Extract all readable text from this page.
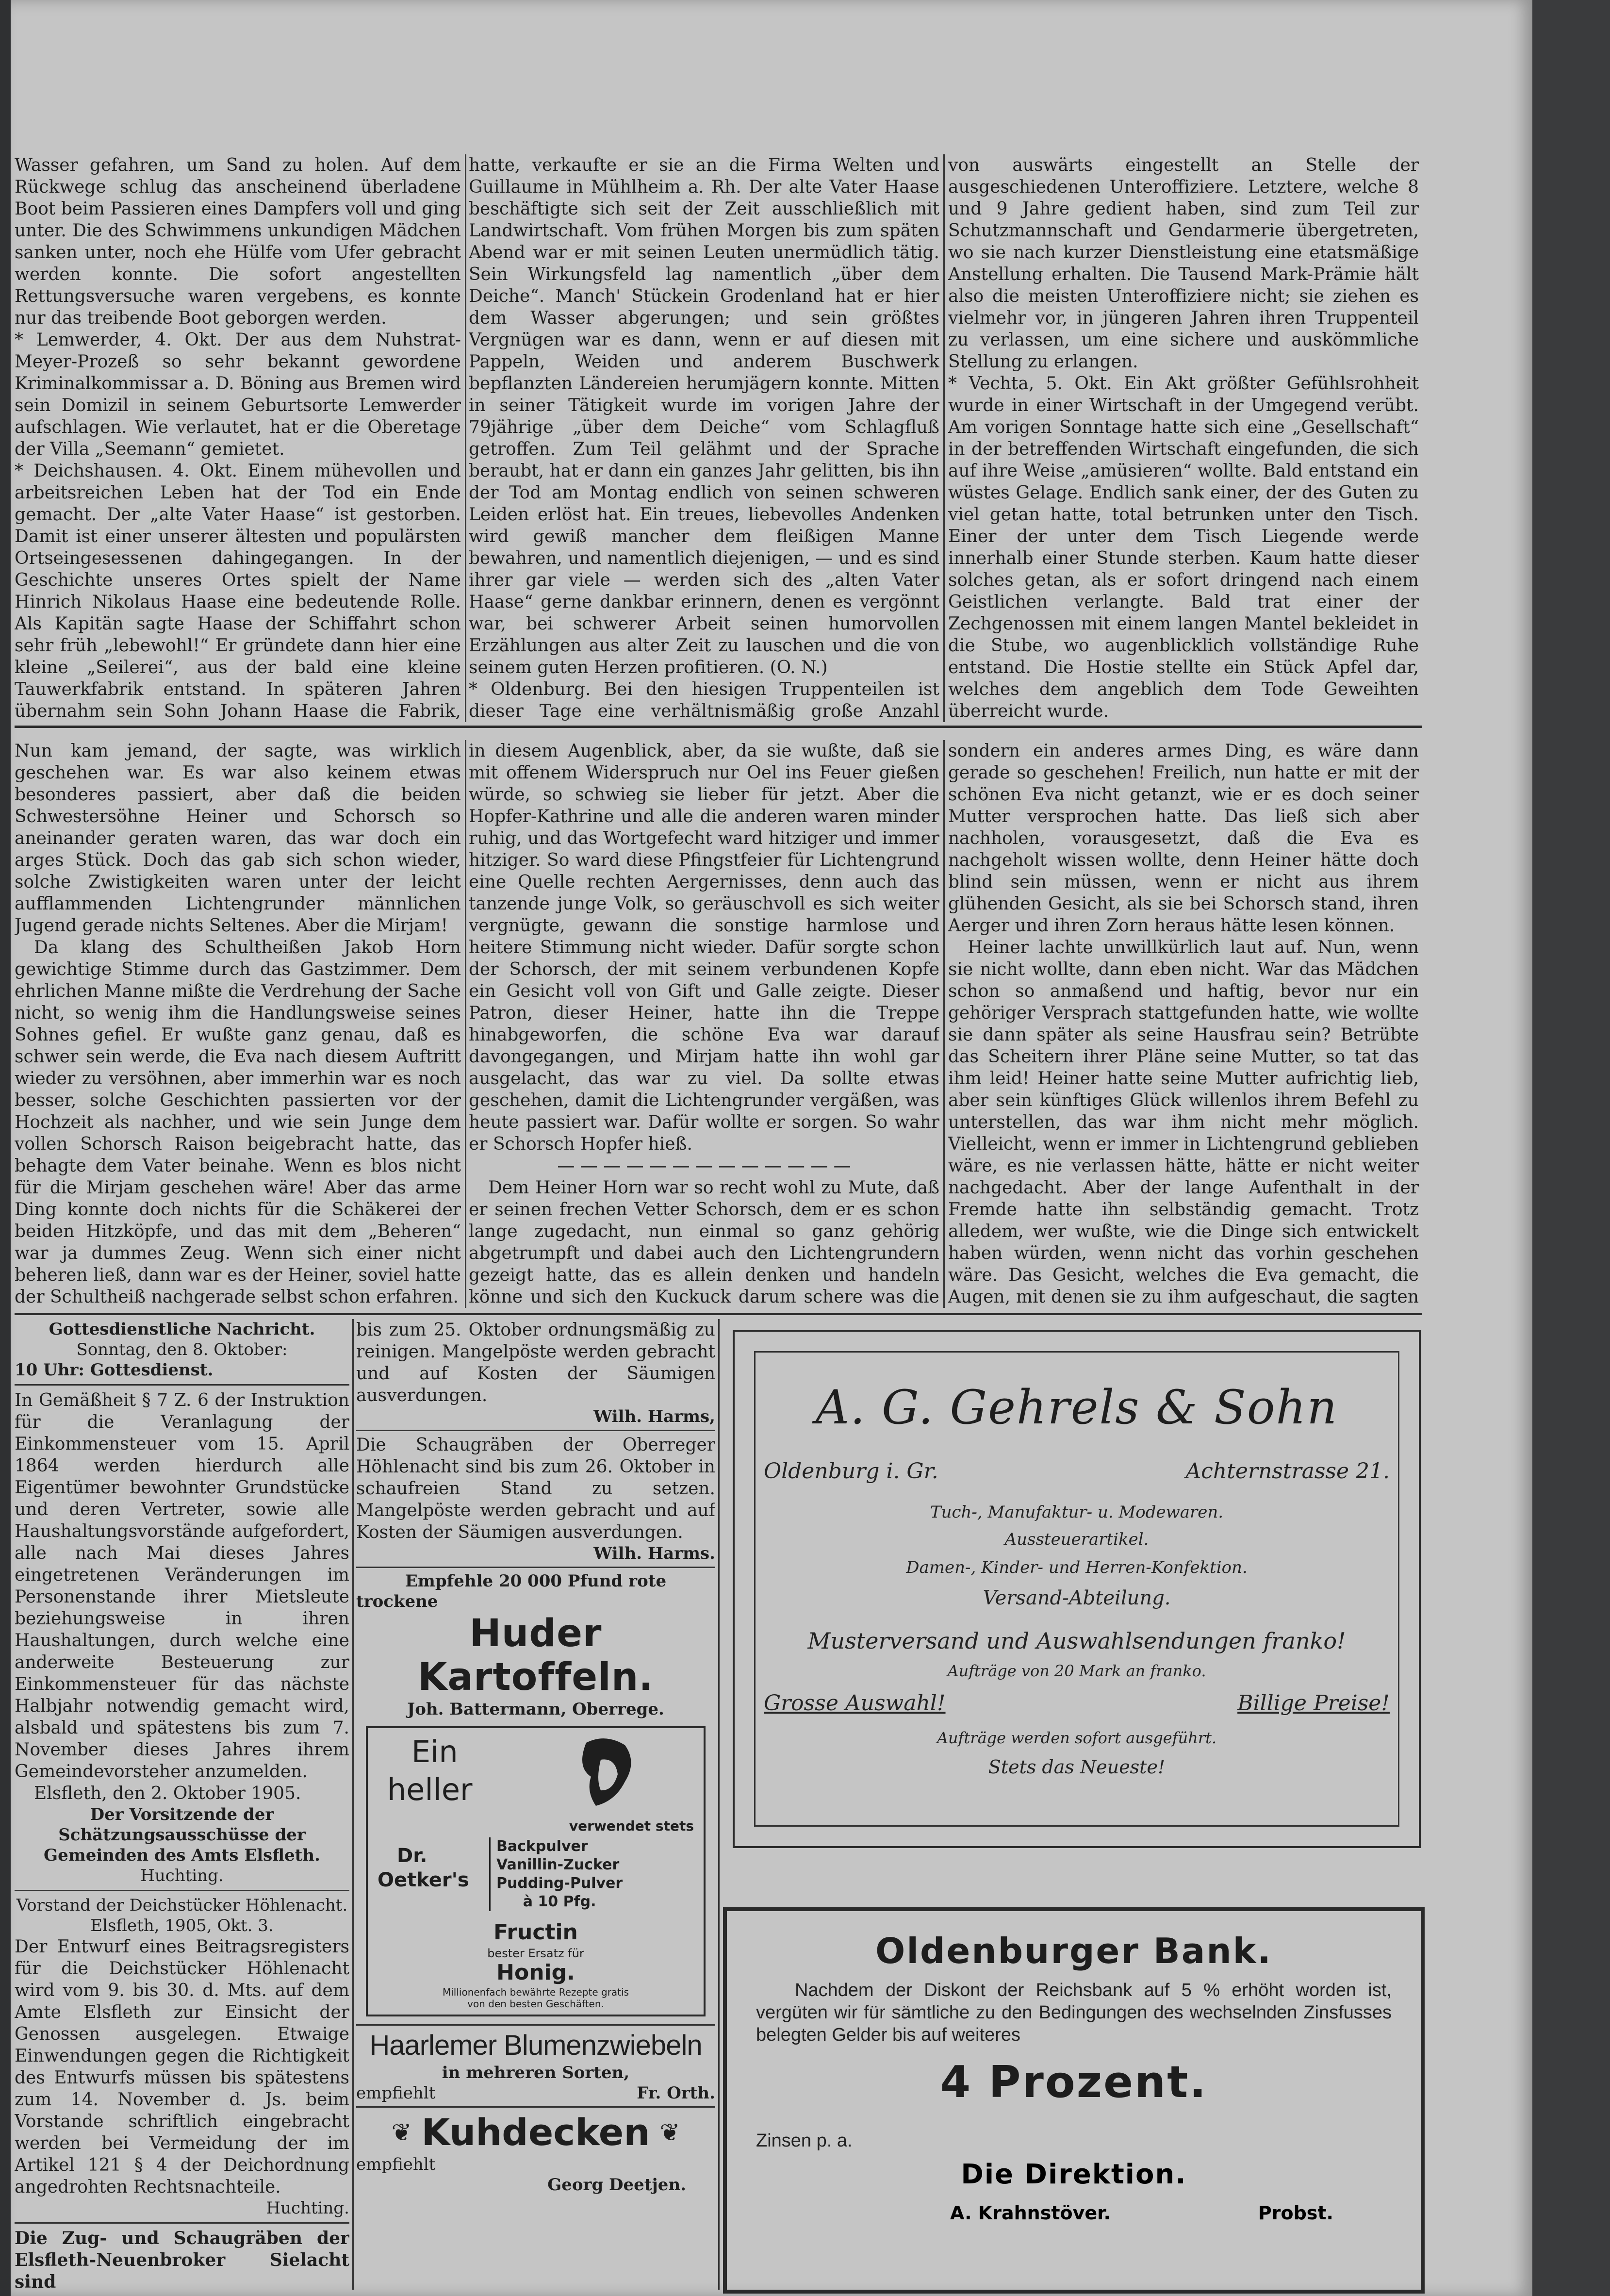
Wasser gefahren, um Sand zu holen. Auf dem Rückwege schlug das anscheinend überladene Boot beim Passieren eines Dampfers voll und ging unter. Die des Schwimmens unkundigen Mädchen sanken unter, noch ehe Hülfe vom Ufer gebracht werden konnte. Die sofort angestellten Rettungsversuche waren vergebens, es konnte nur das treibende Boot geborgen werden.

* Lemwerder, 4. Okt. Der aus dem Nuhstrat-Meyer-Prozeß so sehr bekannt gewordene Kriminalkommissar a. D. Böning aus Bremen wird sein Domizil in seinem Geburtsorte Lemwerder aufschlagen. Wie verlautet, hat er die Oberetage der Villa „Seemann“ gemietet.

* Deichshausen. 4. Okt. Einem mühevollen und arbeitsreichen Leben hat der Tod ein Ende gemacht. Der „alte Vater Haase“ ist gestorben. Damit ist einer unserer ältesten und populärsten Ortseingesessenen dahingegangen. In der Geschichte unseres Ortes spielt der Name Hinrich Nikolaus Haase eine bedeutende Rolle. Als Kapitän sagte Haase der Schiffahrt schon sehr früh „lebewohl!“ Er gründete dann hier eine kleine „Seilerei“, aus der bald eine kleine Tauwerkfabrik entstand. In späteren Jahren übernahm sein Sohn Johann Haase die Fabrik,

hatte, verkaufte er sie an die Firma Welten und Guillaume in Mühlheim a. Rh. Der alte Vater Haase beschäftigte sich seit der Zeit ausschließlich mit Landwirtschaft. Vom frühen Morgen bis zum späten Abend war er mit seinen Leuten unermüdlich tätig. Sein Wirkungsfeld lag namentlich „über dem Deiche“. Manch' Stückein Grodenland hat er hier dem Wasser abgerungen; und sein größtes Vergnügen war es dann, wenn er auf diesen mit Pappeln, Weiden und anderem Buschwerk bepflanzten Ländereien herumjägern konnte. Mitten in seiner Tätigkeit wurde im vorigen Jahre der 79jährige „über dem Deiche“ vom Schlagfluß getroffen. Zum Teil gelähmt und der Sprache beraubt, hat er dann ein ganzes Jahr gelitten, bis ihn der Tod am Montag endlich von seinen schweren Leiden erlöst hat. Ein treues, liebevolles Andenken wird gewiß mancher dem fleißigen Manne bewahren, und namentlich diejenigen, — und es sind ihrer gar viele — werden sich des „alten Vater Haase“ gerne dankbar erinnern, denen es vergönnt war, bei schwerer Arbeit seinen humorvollen Erzählungen aus alter Zeit zu lauschen und die von seinem guten Herzen profitieren. (O. N.)

* Oldenburg. Bei den hiesigen Truppenteilen ist dieser Tage eine verhältnismäßig große Anzahl

von auswärts eingestellt an Stelle der ausgeschiedenen Unteroffiziere. Letztere, welche 8 und 9 Jahre gedient haben, sind zum Teil zur Schutzmannschaft und Gendarmerie übergetreten, wo sie nach kurzer Dienstleistung eine etatsmäßige Anstellung erhalten. Die Tausend Mark-Prämie hält also die meisten Unteroffiziere nicht; sie ziehen es vielmehr vor, in jüngeren Jahren ihren Truppenteil zu verlassen, um eine sichere und auskömmliche Stellung zu erlangen.

* Vechta, 5. Okt. Ein Akt größter Gefühlsrohheit wurde in einer Wirtschaft in der Umgegend verübt. Am vorigen Sonntage hatte sich eine „Gesellschaft“ in der betreffenden Wirtschaft eingefunden, die sich auf ihre Weise „amüsieren“ wollte. Bald entstand ein wüstes Gelage. Endlich sank einer, der des Guten zu viel getan hatte, total betrunken unter den Tisch. Einer der unter dem Tisch Liegende werde innerhalb einer Stunde sterben. Kaum hatte dieser solches getan, als er sofort dringend nach einem Geistlichen verlangte. Bald trat einer der Zechgenossen mit einem langen Mantel bekleidet in die Stube, wo augenblicklich vollständige Ruhe entstand. Die Hostie stellte ein Stück Apfel dar, welches dem angeblich dem Tode Geweihten überreicht wurde.

Nun kam jemand, der sagte, was wirklich geschehen war. Es war also keinem etwas besonderes passiert, aber daß die beiden Schwestersöhne Heiner und Schorsch so aneinander geraten waren, das war doch ein arges Stück. Doch das gab sich schon wieder, solche Zwistigkeiten waren unter der leicht aufflammenden Lichtengrunder männlichen Jugend gerade nichts Seltenes. Aber die Mirjam!

Da klang des Schultheißen Jakob Horn gewichtige Stimme durch das Gastzimmer. Dem ehrlichen Manne mißte die Verdrehung der Sache nicht, so wenig ihm die Handlungsweise seines Sohnes gefiel. Er wußte ganz genau, daß es schwer sein werde, die Eva nach diesem Auftritt wieder zu versöhnen, aber immerhin war es noch besser, solche Geschichten passierten vor der Hochzeit als nachher, und wie sein Junge dem vollen Schorsch Raison beigebracht hatte, das behagte dem Vater beinahe. Wenn es blos nicht für die Mirjam geschehen wäre! Aber das arme Ding konnte doch nichts für die Schäkerei der beiden Hitzköpfe, und das mit dem „Beheren“ war ja dummes Zeug. Wenn sich einer nicht beheren ließ, dann war es der Heiner, soviel hatte der Schultheiß nachgerade selbst schon erfahren.

in diesem Augenblick, aber, da sie wußte, daß sie mit offenem Widerspruch nur Oel ins Feuer gießen würde, so schwieg sie lieber für jetzt. Aber die Hopfer-Kathrine und alle die anderen waren minder ruhig, und das Wortgefecht ward hitziger und immer hitziger. So ward diese Pfingstfeier für Lichtengrund eine Quelle rechten Aergernisses, denn auch das tanzende junge Volk, so geräuschvoll es sich weiter vergnügte, gewann die sonstige harmlose und heitere Stimmung nicht wieder. Dafür sorgte schon der Schorsch, der mit seinem verbundenen Kopfe ein Gesicht voll von Gift und Galle zeigte. Dieser Patron, dieser Heiner, hatte ihn die Treppe hinabgeworfen, die schöne Eva war darauf davongegangen, und Mirjam hatte ihn wohl gar ausgelacht, das war zu viel. Da sollte etwas geschehen, damit die Lichtengrunder vergäßen, was heute passiert war. Dafür wollte er sorgen. So wahr er Schorsch Hopfer hieß.

— — — — — — — — — — — — —

Dem Heiner Horn war so recht wohl zu Mute, daß er seinen frechen Vetter Schorsch, dem er es schon lange zugedacht, nun einmal so ganz gehörig abgetrumpft und dabei auch den Lichtengrundern gezeigt hatte, das es allein denken und handeln könne und sich den Kuckuck darum schere was die

sondern ein anderes armes Ding, es wäre dann gerade so geschehen! Freilich, nun hatte er mit der schönen Eva nicht getanzt, wie er es doch seiner Mutter versprochen hatte. Das ließ sich aber nachholen, vorausgesetzt, daß die Eva es nachgeholt wissen wollte, denn Heiner hätte doch blind sein müssen, wenn er nicht aus ihrem glühenden Gesicht, als sie bei Schorsch stand, ihren Aerger und ihren Zorn heraus hätte lesen können.

Heiner lachte unwillkürlich laut auf. Nun, wenn sie nicht wollte, dann eben nicht. War das Mädchen schon so anmaßend und haftig, bevor nur ein gehöriger Versprach stattgefunden hatte, wie wollte sie dann später als seine Hausfrau sein? Betrübte das Scheitern ihrer Pläne seine Mutter, so tat das ihm leid! Heiner hatte seine Mutter aufrichtig lieb, aber sein künftiges Glück willenlos ihrem Befehl zu unterstellen, das war ihm nicht mehr möglich. Vielleicht, wenn er immer in Lichtengrund geblieben wäre, es nie verlassen hätte, hätte er nicht weiter nachgedacht. Aber der lange Aufenthalt in der Fremde hatte ihn selbständig gemacht. Trotz alledem, wer wußte, wie die Dinge sich entwickelt haben würden, wenn nicht das vorhin geschehen wäre. Das Gesicht, welches die Eva gemacht, die Augen, mit denen sie zu ihm aufgeschaut, die sagten

Gottesdienstliche Nachricht.
Sonntag, den 8. Oktober:
10 Uhr: Gottesdienst.

In Gemäßheit § 7 Z. 6 der Instruktion für die Veranlagung der Einkommensteuer vom 15. April 1864 werden hierdurch alle Eigentümer bewohnter Grundstücke und deren Vertreter, sowie alle Haushaltungsvorstände aufgefordert, alle nach Mai dieses Jahres eingetretenen Veränderungen im Personenstande ihrer Mietsleute beziehungsweise in ihren Haushaltungen, durch welche eine anderweite Besteuerung zur Einkommensteuer für das nächste Halbjahr notwendig gemacht wird, alsbald und spätestens bis zum 7. November dieses Jahres ihrem Gemeindevorsteher anzumelden.

Elsfleth, den 2. Oktober 1905.

Der Vorsitzende der Schätzungsausschüsse der Gemeinden des Amts Elsfleth.
Huchting.
Vorstand der Deichstücker Höhlenacht.
Elsfleth, 1905, Okt. 3.

Der Entwurf eines Beitragsregisters für die Deichstücker Höhlenacht wird vom 9. bis 30. d. Mts. auf dem Amte Elsfleth zur Einsicht der Genossen ausgelegen. Etwaige Einwendungen gegen die Richtigkeit des Entwurfs müssen bis spätestens zum 14. November d. Js. beim Vorstande schriftlich eingebracht werden bei Vermeidung der im Artikel 121 § 4 der Deichordnung angedrohten Rechtsnachteile.

Huchting.

Die Zug- und Schaugräben der Elsfleth-Neuenbroker Sielacht sind

bis zum 25. Oktober ordnungsmäßig zu reinigen. Mangelpöste werden gebracht und auf Kosten der Säumigen ausverdungen.

Wilh. Harms,

Die Schaugräben der Oberreger Höhlenacht sind bis zum 26. Oktober in schaufreien Stand zu setzen. Mangelpöste werden gebracht und auf Kosten der Säumigen ausverdungen.

Wilh. Harms.
Empfehle 20 000 Pfund rote
trockene
Huder Kartoffeln.
Joh. Battermann, Oberrege.
Ein
heller
verwendet stets
Dr.
Oetker's
Backpulver
Vanillin-Zucker
Pudding-Pulver
à 10 Pfg.
Fructin
bester Ersatz für
Honig.
Millionenfach bewährte Rezepte gratis
von den besten Geschäften.
Haarlemer Blumenzwiebeln
in mehreren Sorten,
empfiehlt	Fr. Orth.
❦ Kuhdecken ❦
empfiehlt
Georg Deetjen.
A. G. Gehrels & Sohn
Oldenburg i. Gr.	Achternstrasse 21.
Tuch-, Manufaktur- u. Modewaren.
Aussteuerartikel.
Damen-, Kinder- und Herren-Konfektion.
Versand-Abteilung.
Musterversand und Auswahlsendungen franko!
Aufträge von 20 Mark an franko.
Grosse Auswahl!	Billige Preise!
Aufträge werden sofort ausgeführt.
Stets das Neueste!
Oldenburger Bank.
Nachdem der Diskont der Reichsbank auf 5 % erhöht worden ist, vergüten wir für sämtliche zu den Bedingungen des wechselnden Zinsfusses belegten Gelder bis auf weiteres
4 Prozent.
Zinsen p. a.
Die Direktion.
A. Krahnstöver.	Probst.
